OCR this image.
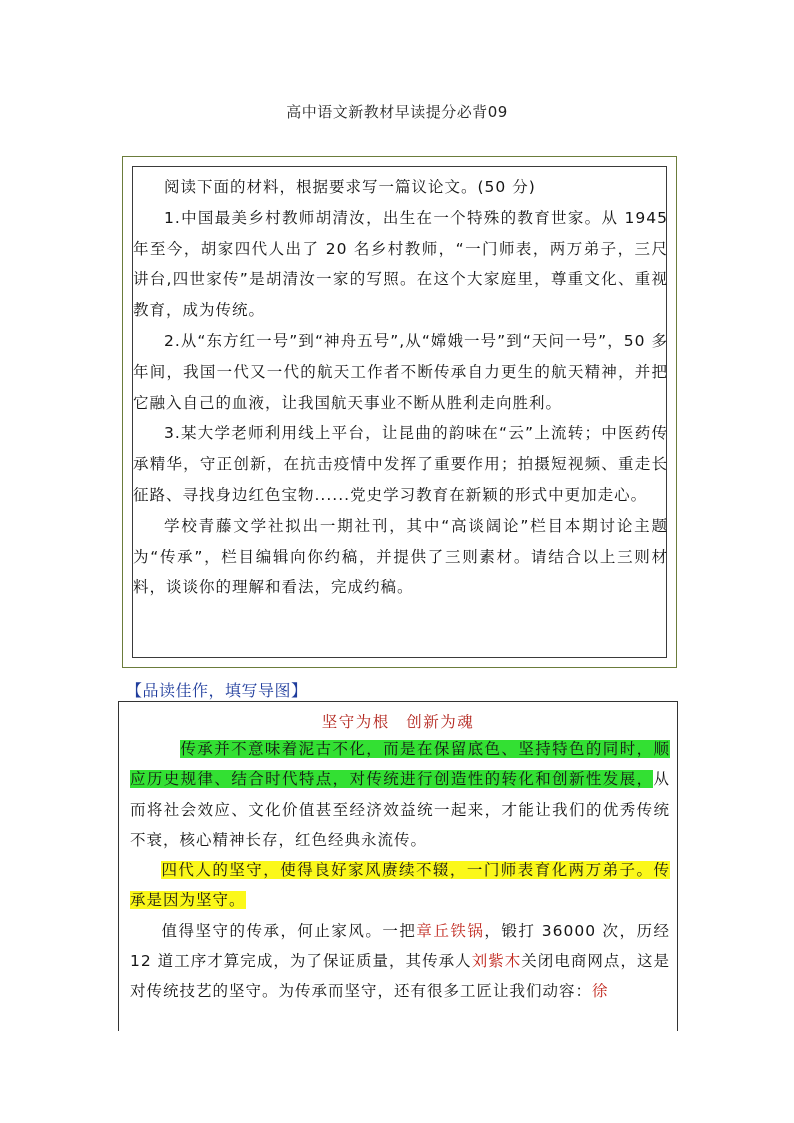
高中语文新教材早读提分必背09

阅读下面的材料，根据要求写一篇议论文。(50 分)

1.中国最美乡村教师胡清汝，出生在一个特殊的教育世家。从 1945 年至今，胡家四代人出了 20 名乡村教师，“一门师表，两万弟子，三尺讲台,四世家传”是胡清汝一家的写照。在这个大家庭里，尊重文化、重视教育，成为传统。

2.从“东方红一号”到“神舟五号”,从“嫦娥一号”到“天问一号”，50 多年间，我国一代又一代的航天工作者不断传承自力更生的航天精神，并把它融入自己的血液，让我国航天事业不断从胜利走向胜利。

3.某大学老师利用线上平台，让昆曲的韵味在“云”上流转；中医药传承精华，守正创新，在抗击疫情中发挥了重要作用；拍摄短视频、重走长征路、寻找身边红色宝物......党史学习教育在新颖的形式中更加走心。

学校青藤文学社拟出一期社刊，其中“高谈阔论”栏目本期讨论主题为“传承”，栏目编辑向你约稿，并提供了三则素材。请结合以上三则材料，谈谈你的理解和看法，完成约稿。

【品读佳作，填写导图】
坚守为根 创新为魂

传承并不意味着泥古不化，而是在保留底色、坚持特色的同时，顺应历史规律、结合时代特点，对传统进行创造性的转化和创新性发展，从而将社会效应、文化价值甚至经济效益统一起来，才能让我们的优秀传统不衰，核心精神长存，红色经典永流传。

四代人的坚守，使得良好家风赓续不辍，一门师表育化两万弟子。传承是因为坚守。

值得坚守的传承，何止家风。一把章丘铁锅，锻打 36000 次，历经 12 道工序才算完成，为了保证质量，其传承人刘紫木关闭电商网点，这是对传统技艺的坚守。为传承而坚守，还有很多工匠让我们动容：徐
